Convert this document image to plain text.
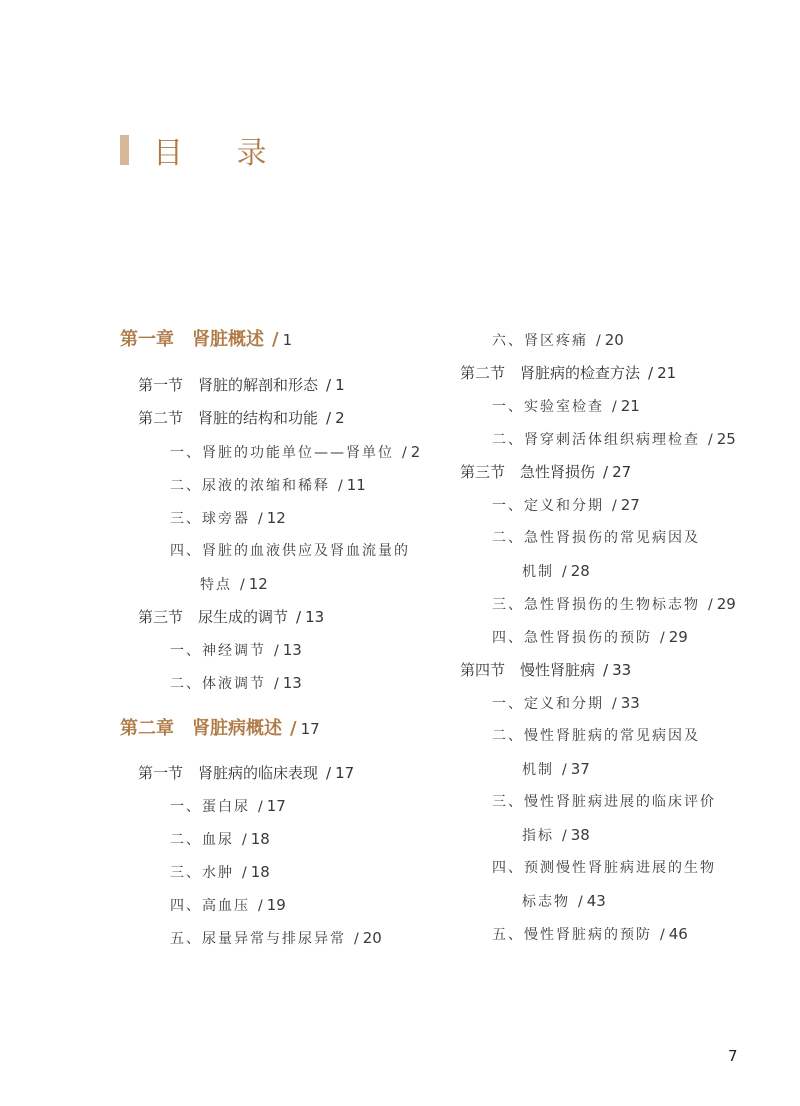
目 录
第一章　肾脏概述 / 1
第一节　肾脏的解剖和形态 / 1
第二节　肾脏的结构和功能 / 2
一、肾脏的功能单位——肾单位 / 2
二、尿液的浓缩和稀释 / 11
三、球旁器 / 12
四、肾脏的血液供应及肾血流量的
特点 / 12
第三节　尿生成的调节 / 13
一、神经调节 / 13
二、体液调节 / 13
第二章　肾脏病概述 / 17
第一节　肾脏病的临床表现 / 17
一、蛋白尿 / 17
二、血尿 / 18
三、水肿 / 18
四、高血压 / 19
五、尿量异常与排尿异常 / 20
六、肾区疼痛 / 20
第二节　肾脏病的检查方法 / 21
一、实验室检查 / 21
二、肾穿刺活体组织病理检查 / 25
第三节　急性肾损伤 / 27
一、定义和分期 / 27
二、急性肾损伤的常见病因及
机制 / 28
三、急性肾损伤的生物标志物 / 29
四、急性肾损伤的预防 / 29
第四节　慢性肾脏病 / 33
一、定义和分期 / 33
二、慢性肾脏病的常见病因及
机制 / 37
三、慢性肾脏病进展的临床评价
指标 / 38
四、预测慢性肾脏病进展的生物
标志物 / 43
五、慢性肾脏病的预防 / 46
7
